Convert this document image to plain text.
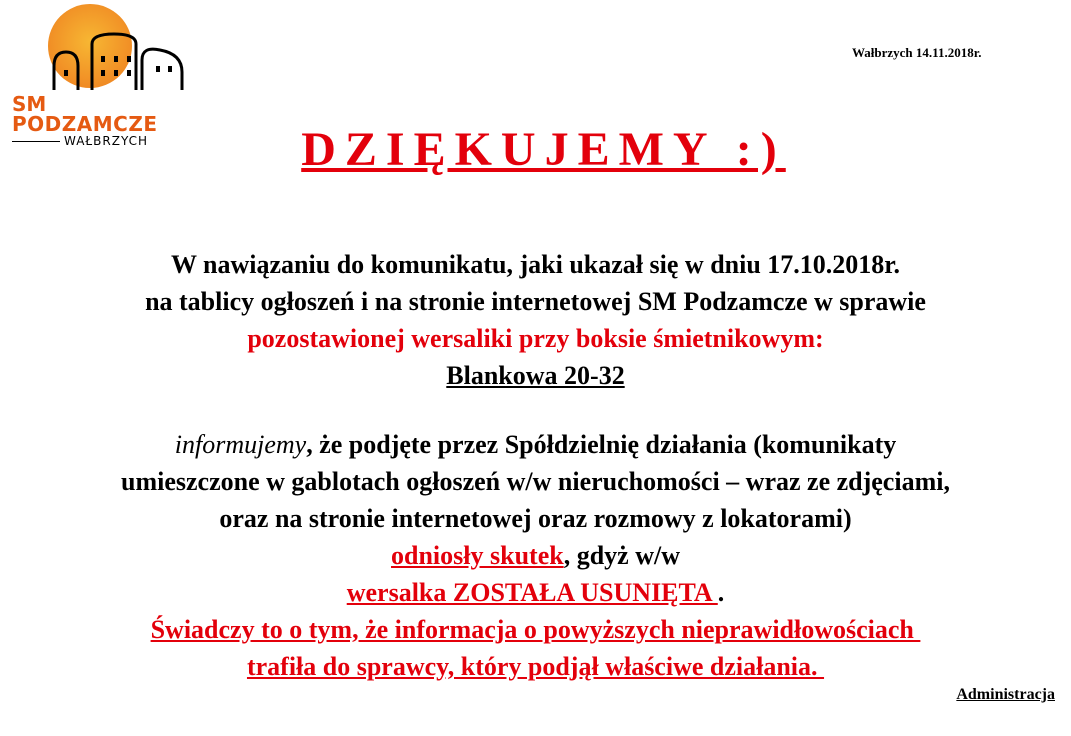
SM
PODZAMCZE
WAŁBRZYCH
Wałbrzych 14.11.2018r.
DZIĘKUJEMY :)
W nawiązaniu do komunikatu, jaki ukazał się w dniu 17.10.2018r.
na tablicy ogłoszeń i na stronie internetowej SM Podzamcze w sprawie
pozostawionej wersaliki przy boksie śmietnikowym:
Blankowa 20-32
informujemy, że podjęte przez Spółdzielnię działania (komunikaty
umieszczone w gablotach ogłoszeń w/w nieruchomości – wraz ze zdjęciami,
oraz na stronie internetowej oraz rozmowy z lokatorami)
odniosły skutek, gdyż w/w
wersalka ZOSTAŁA USUNIĘTA .
Świadczy to o tym, że informacja o powyższych nieprawidłowościach
trafiła do sprawcy, który podjął właściwe działania.
Administracja
